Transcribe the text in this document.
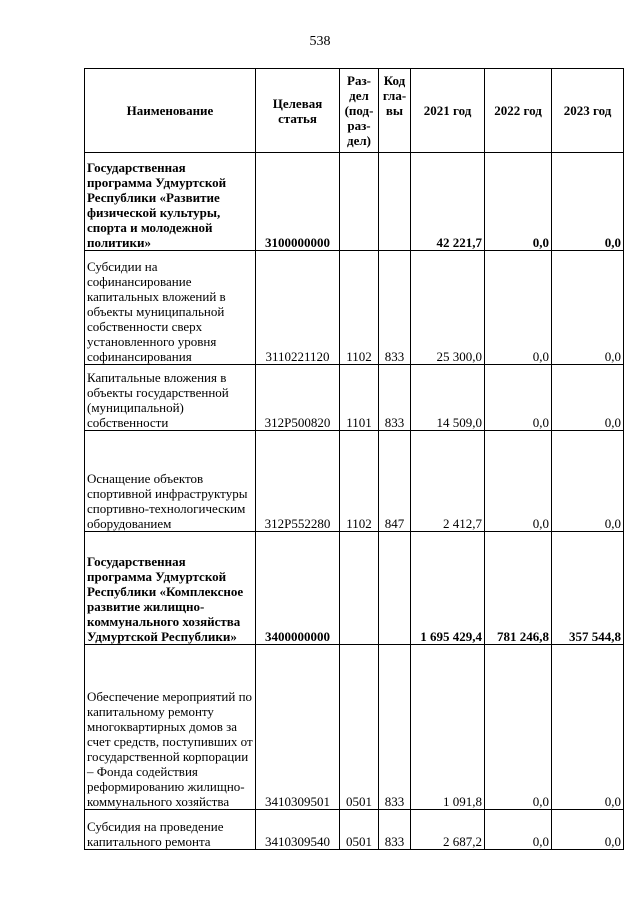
538
Наименование	Целевая статья	Раз-
дел
(под-
раз-
дел)	Код
гла-
вы	2021 год	2022 год	2023 год
Государственная программа Удмуртской Республики «Развитие физической культуры, спорта и молодежной политики»	3100000000			42 221,7	0,0	0,0
Субсидии на софинансирование капитальных вложений в объекты муниципальной собственности сверх установленного уровня софинансирования	3110221120	1102	833	25 300,0	0,0	0,0
Капитальные вложения в объекты государственной (муниципальной) собственности	312P500820	1101	833	14 509,0	0,0	0,0
Оснащение объектов спортивной инфраструктуры спортивно-технологическим оборудованием	312P552280	1102	847	2 412,7	0,0	0,0
Государственная программа Удмуртской Республики «Комплексное развитие жилищно-коммунального хозяйства Удмуртской Республики»	3400000000			1 695 429,4	781 246,8	357 544,8
Обеспечение мероприятий по капитальному ремонту многоквартирных домов за счет средств, поступивших от государственной корпорации – Фонда содействия реформированию жилищно-коммунального хозяйства	3410309501	0501	833	1 091,8	0,0	0,0
Субсидия на проведение капитального ремонта	3410309540	0501	833	2 687,2	0,0	0,0
